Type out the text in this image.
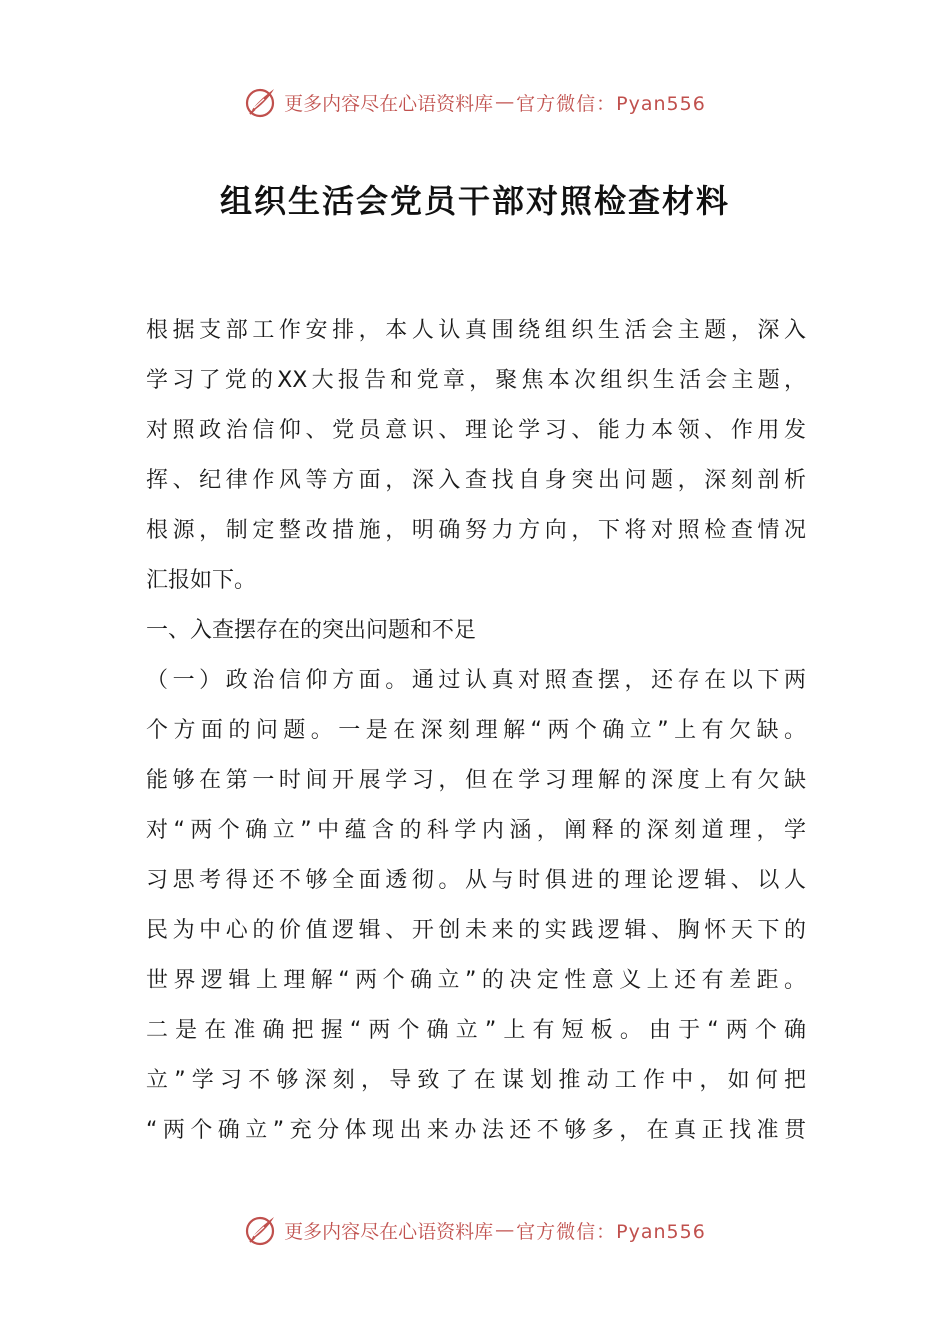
更多内容尽在心语资料库 — 官方微信：Pyan556
组织生活会党员干部对照检查材料
根据支部工作安排，本人认真围绕组织生活会主题，深入
学习了党的XX大报告和党章，聚焦本次组织生活会主题，
对照政治信仰、党员意识、理论学习、能力本领、作用发
挥、纪律作风等方面，深入查找自身突出问题，深刻剖析
根源，制定整改措施，明确努力方向，下将对照检查情况
汇报如下。
一、入查摆存在的突出问题和不足
（一）政治信仰方面。通过认真对照查摆，还存在以下两
个方面的问题。一是在深刻理解“两个确立”上有欠缺。
能够在第一时间开展学习，但在学习理解的深度上有欠缺
对“两个确立”中蕴含的科学内涵，阐释的深刻道理，学
习思考得还不够全面透彻。从与时俱进的理论逻辑、以人
民为中心的价值逻辑、开创未来的实践逻辑、胸怀天下的
世界逻辑上理解“两个确立”的决定性意义上还有差距。
二是在准确把握“两个确立”上有短板。由于“两个确
立”学习不够深刻，导致了在谋划推动工作中，如何把
“两个确立”充分体现出来办法还不够多，在真正找准贯
更多内容尽在心语资料库 — 官方微信：Pyan556
